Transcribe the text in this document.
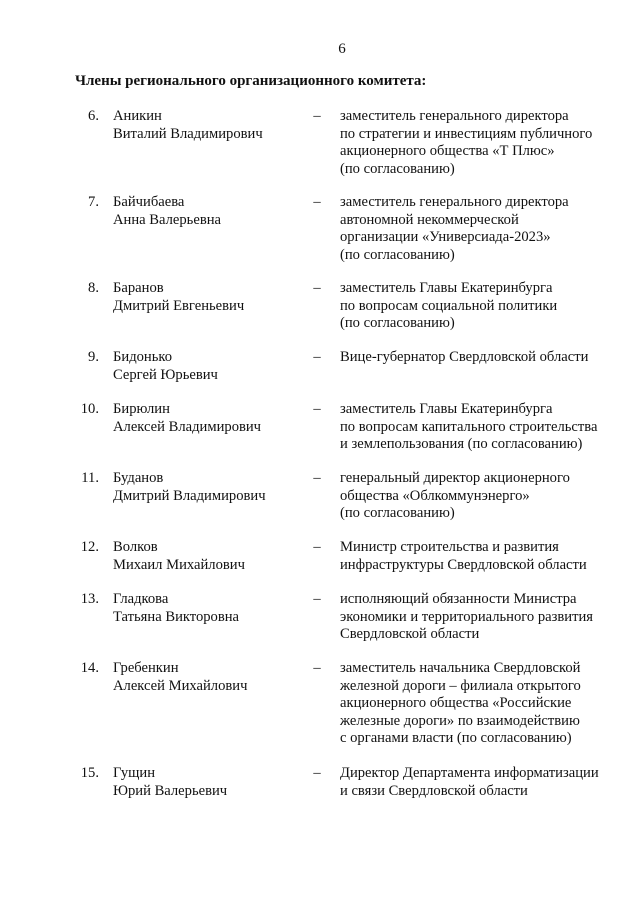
6
Члены регионального организационного комитета:
6. Аникин
Виталий Владимирович
– заместитель генерального директора
по стратегии и инвестициям публичного
акционерного общества «Т Плюс»
(по согласованию)
7. Байчибаева
Анна Валерьевна
– заместитель генерального директора
автономной некоммерческой
организации «Универсиада-2023»
(по согласованию)
8. Баранов
Дмитрий Евгеньевич
– заместитель Главы Екатеринбурга
по вопросам социальной политики
(по согласованию)
9. Бидонько
Сергей Юрьевич
– Вице-губернатор Свердловской области
10. Бирюлин
Алексей Владимирович
– заместитель Главы Екатеринбурга
по вопросам капитального строительства
и землепользования (по согласованию)
11. Буданов
Дмитрий Владимирович
– генеральный директор акционерного
общества «Облкоммунэнерго»
(по согласованию)
12. Волков
Михаил Михайлович
– Министр строительства и развития
инфраструктуры Свердловской области
13. Гладкова
Татьяна Викторовна
– исполняющий обязанности Министра
экономики и территориального развития
Свердловской области
14. Гребенкин
Алексей Михайлович
– заместитель начальника Свердловской
железной дороги – филиала открытого
акционерного общества «Российские
железные дороги» по взаимодействию
с органами власти (по согласованию)
15. Гущин
Юрий Валерьевич
– Директор Департамента информатизации
и связи Свердловской области
